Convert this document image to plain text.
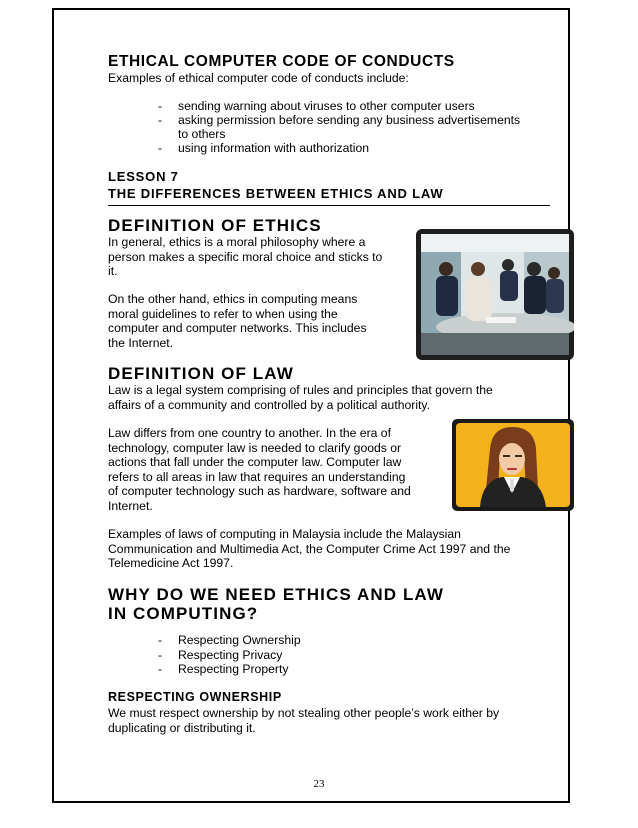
ETHICAL COMPUTER CODE OF CONDUCTS
Examples of ethical computer code of conducts include:
- sending warning about viruses to other computer users
- asking permission before sending any business advertisements
to others
- using information with authorization
LESSON 7
THE DIFFERENCES BETWEEN ETHICS AND LAW
DEFINITION OF ETHICS
In general, ethics is a moral philosophy where a
person makes a specific moral choice and sticks to
it.
On the other hand, ethics in computing means
moral guidelines to refer to when using the
computer and computer networks. This includes
the Internet.
DEFINITION OF LAW
Law is a legal system comprising of rules and principles that govern the
affairs of a community and controlled by a political authority.
Law differs from one country to another. In the era of
technology, computer law is needed to clarify goods or
actions that fall under the computer law. Computer law
refers to all areas in law that requires an understanding
of computer technology such as hardware, software and
Internet.
Examples of laws of computing in Malaysia include the Malaysian
Communication and Multimedia Act, the Computer Crime Act 1997 and the
Telemedicine Act 1997.
WHY DO WE NEED ETHICS AND LAW
IN COMPUTING?
- Respecting Ownership
- Respecting Privacy
- Respecting Property
RESPECTING OWNERSHIP
We must respect ownership by not stealing other people’s work either by
duplicating or distributing it.
23
